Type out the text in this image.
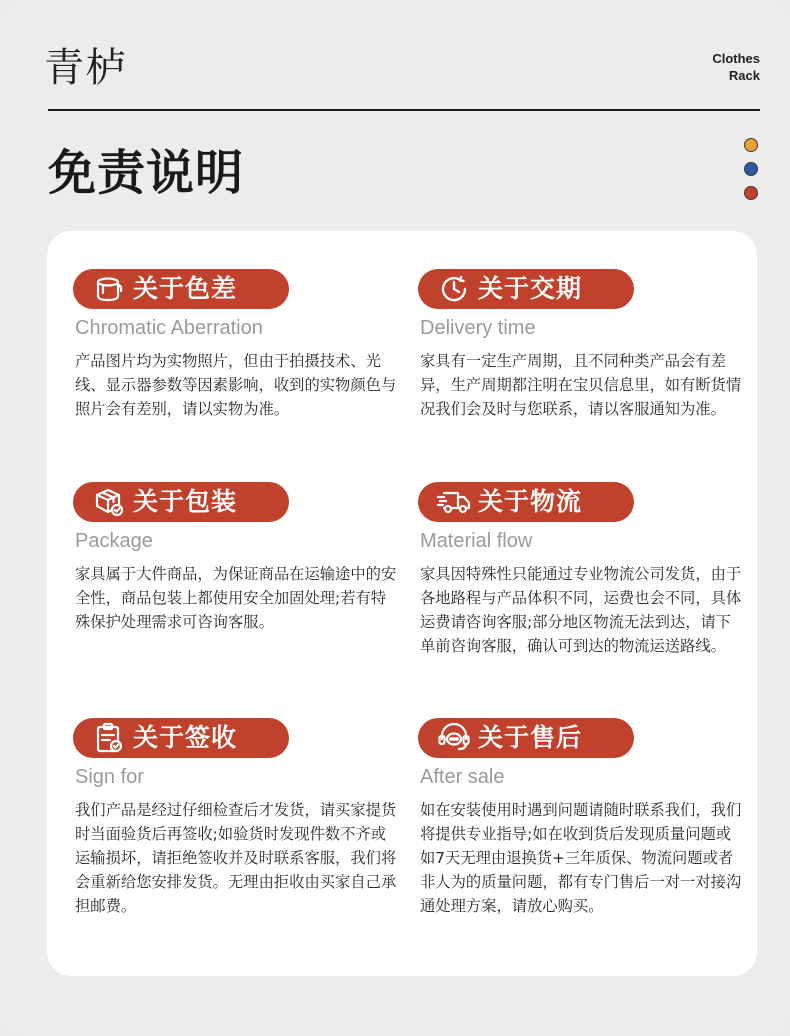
青栌	Clothes
Rack
免责说明
关于色差
Chromatic Aberration
产品图片均为实物照片，但由于拍摄技术、光线、显示器参数等因素影响，收到的实物颜色与照片会有差别，请以实物为准。
关于交期
Delivery time
家具有一定生产周期，且不同种类产品会有差异，生产周期都注明在宝贝信息里，如有断货情况我们会及时与您联系，请以客服通知为准。
关于包装
Package
家具属于大件商品，为保证商品在运输途中的安全性，商品包装上都使用安全加固处理;若有特殊保护处理需求可咨询客服。
关于物流
Material flow
家具因特殊性只能通过专业物流公司发货，由于各地路程与产品体积不同，运费也会不同，具体运费请咨询客服;部分地区物流无法到达，请下单前咨询客服，确认可到达的物流运送路线。
关于签收
Sign for
我们产品是经过仔细检查后才发货，请买家提货时当面验货后再签收;如验货时发现件数不齐或运输损坏，请拒绝签收并及时联系客服，我们将会重新给您安排发货。无理由拒收由买家自己承担邮费。
关于售后
After sale
如在安装使用时遇到问题请随时联系我们，我们将提供专业指导;如在收到货后发现质量问题或如7天无理由退换货+三年质保、物流问题或者非人为的质量问题，都有专门售后一对一对接沟通处理方案，请放心购买。
